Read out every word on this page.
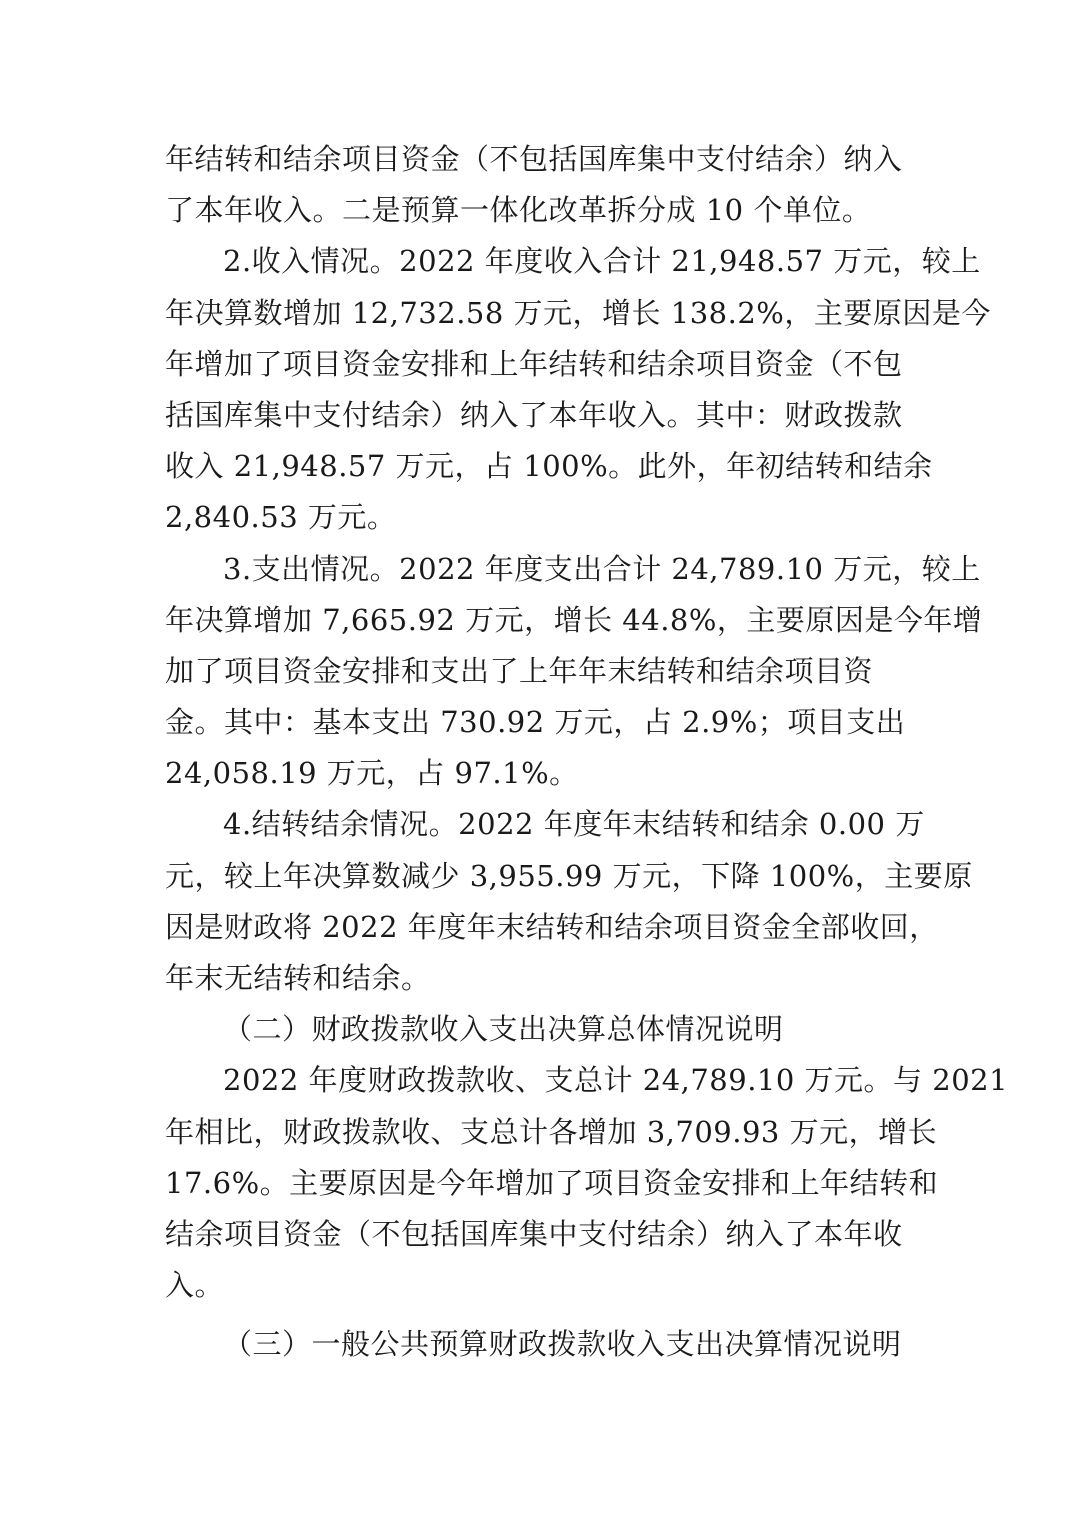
年结转和结余项目资金（不包括国库集中支付结余）纳入
了本年收入。二是预算一体化改革拆分成 10 个单位。
2.收入情况。2022 年度收入合计 21,948.57 万元，较上
年决算数增加 12,732.58 万元，增长 138.2%，主要原因是今
年增加了项目资金安排和上年结转和结余项目资金（不包
括国库集中支付结余）纳入了本年收入。其中：财政拨款
收入 21,948.57 万元，占 100%。此外，年初结转和结余
2,840.53 万元。
3.支出情况。2022 年度支出合计 24,789.10 万元，较上
年决算增加 7,665.92 万元，增长 44.8%，主要原因是今年增
加了项目资金安排和支出了上年年末结转和结余项目资
金。其中：基本支出 730.92 万元，占 2.9%；项目支出
24,058.19 万元，占 97.1%。
4.结转结余情况。2022 年度年末结转和结余 0.00 万
元，较上年决算数减少 3,955.99 万元，下降 100%，主要原
因是财政将 2022 年度年末结转和结余项目资金全部收回，
年末无结转和结余。
（二）财政拨款收入支出决算总体情况说明
2022 年度财政拨款收、支总计 24,789.10 万元。与 2021
年相比，财政拨款收、支总计各增加 3,709.93 万元，增长
17.6%。主要原因是今年增加了项目资金安排和上年结转和
结余项目资金（不包括国库集中支付结余）纳入了本年收
入。
（三）一般公共预算财政拨款收入支出决算情况说明
